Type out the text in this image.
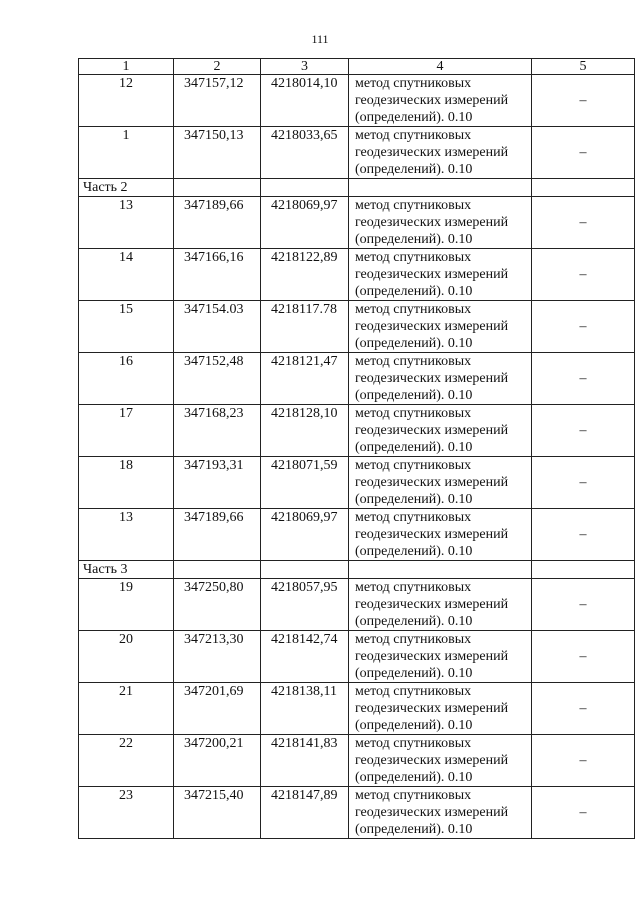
111
1	2	3	4	5
12	347157,12	4218014,10	метод спутниковых
геодезических измерений
(определений). 0.10	–
1	347150,13	4218033,65	метод спутниковых
геодезических измерений
(определений). 0.10	–
Часть 2				
13	347189,66	4218069,97	метод спутниковых
геодезических измерений
(определений). 0.10	–
14	347166,16	4218122,89	метод спутниковых
геодезических измерений
(определений). 0.10	–
15	347154.03	4218117.78	метод спутниковых
геодезических измерений
(определений). 0.10	–
16	347152,48	4218121,47	метод спутниковых
геодезических измерений
(определений). 0.10	–
17	347168,23	4218128,10	метод спутниковых
геодезических измерений
(определений). 0.10	–
18	347193,31	4218071,59	метод спутниковых
геодезических измерений
(определений). 0.10	–
13	347189,66	4218069,97	метод спутниковых
геодезических измерений
(определений). 0.10	–
Часть 3				
19	347250,80	4218057,95	метод спутниковых
геодезических измерений
(определений). 0.10	–
20	347213,30	4218142,74	метод спутниковых
геодезических измерений
(определений). 0.10	–
21	347201,69	4218138,11	метод спутниковых
геодезических измерений
(определений). 0.10	–
22	347200,21	4218141,83	метод спутниковых
геодезических измерений
(определений). 0.10	–
23	347215,40	4218147,89	метод спутниковых
геодезических измерений
(определений). 0.10	–
